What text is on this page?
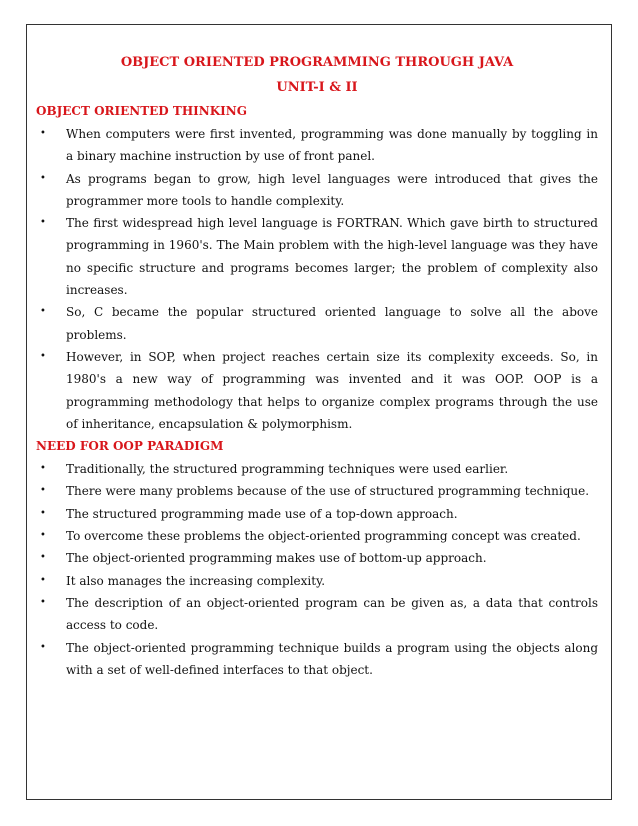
OBJECT ORIENTED PROGRAMMING THROUGH JAVA

UNIT-I & II

OBJECT ORIENTED THINKING

• When computers were first invented, programming was done manually by toggling in a binary machine instruction by use of front panel.
• As programs began to grow, high level languages were introduced that gives the programmer more tools to handle complexity.
• The first widespread high level language is FORTRAN. Which gave birth to structured programming in 1960's. The Main problem with the high-level language was they have no specific structure and programs becomes larger; the problem of complexity also increases.
• So, C became the popular structured oriented language to solve all the above problems.
• However, in SOP, when project reaches certain size its complexity exceeds. So, in 1980's a new way of programming was invented and it was OOP. OOP is a programming methodology that helps to organize complex programs through the use of inheritance, encapsulation & polymorphism.

NEED FOR OOP PARADIGM

• Traditionally, the structured programming techniques were used earlier.
• There were many problems because of the use of structured programming technique.
• The structured programming made use of a top-down approach.
• To overcome these problems the object-oriented programming concept was created.
• The object-oriented programming makes use of bottom-up approach.
• It also manages the increasing complexity.
• The description of an object-oriented program can be given as, a data that controls access to code.
• The object-oriented programming technique builds a program using the objects along with a set of well-defined interfaces to that object.
